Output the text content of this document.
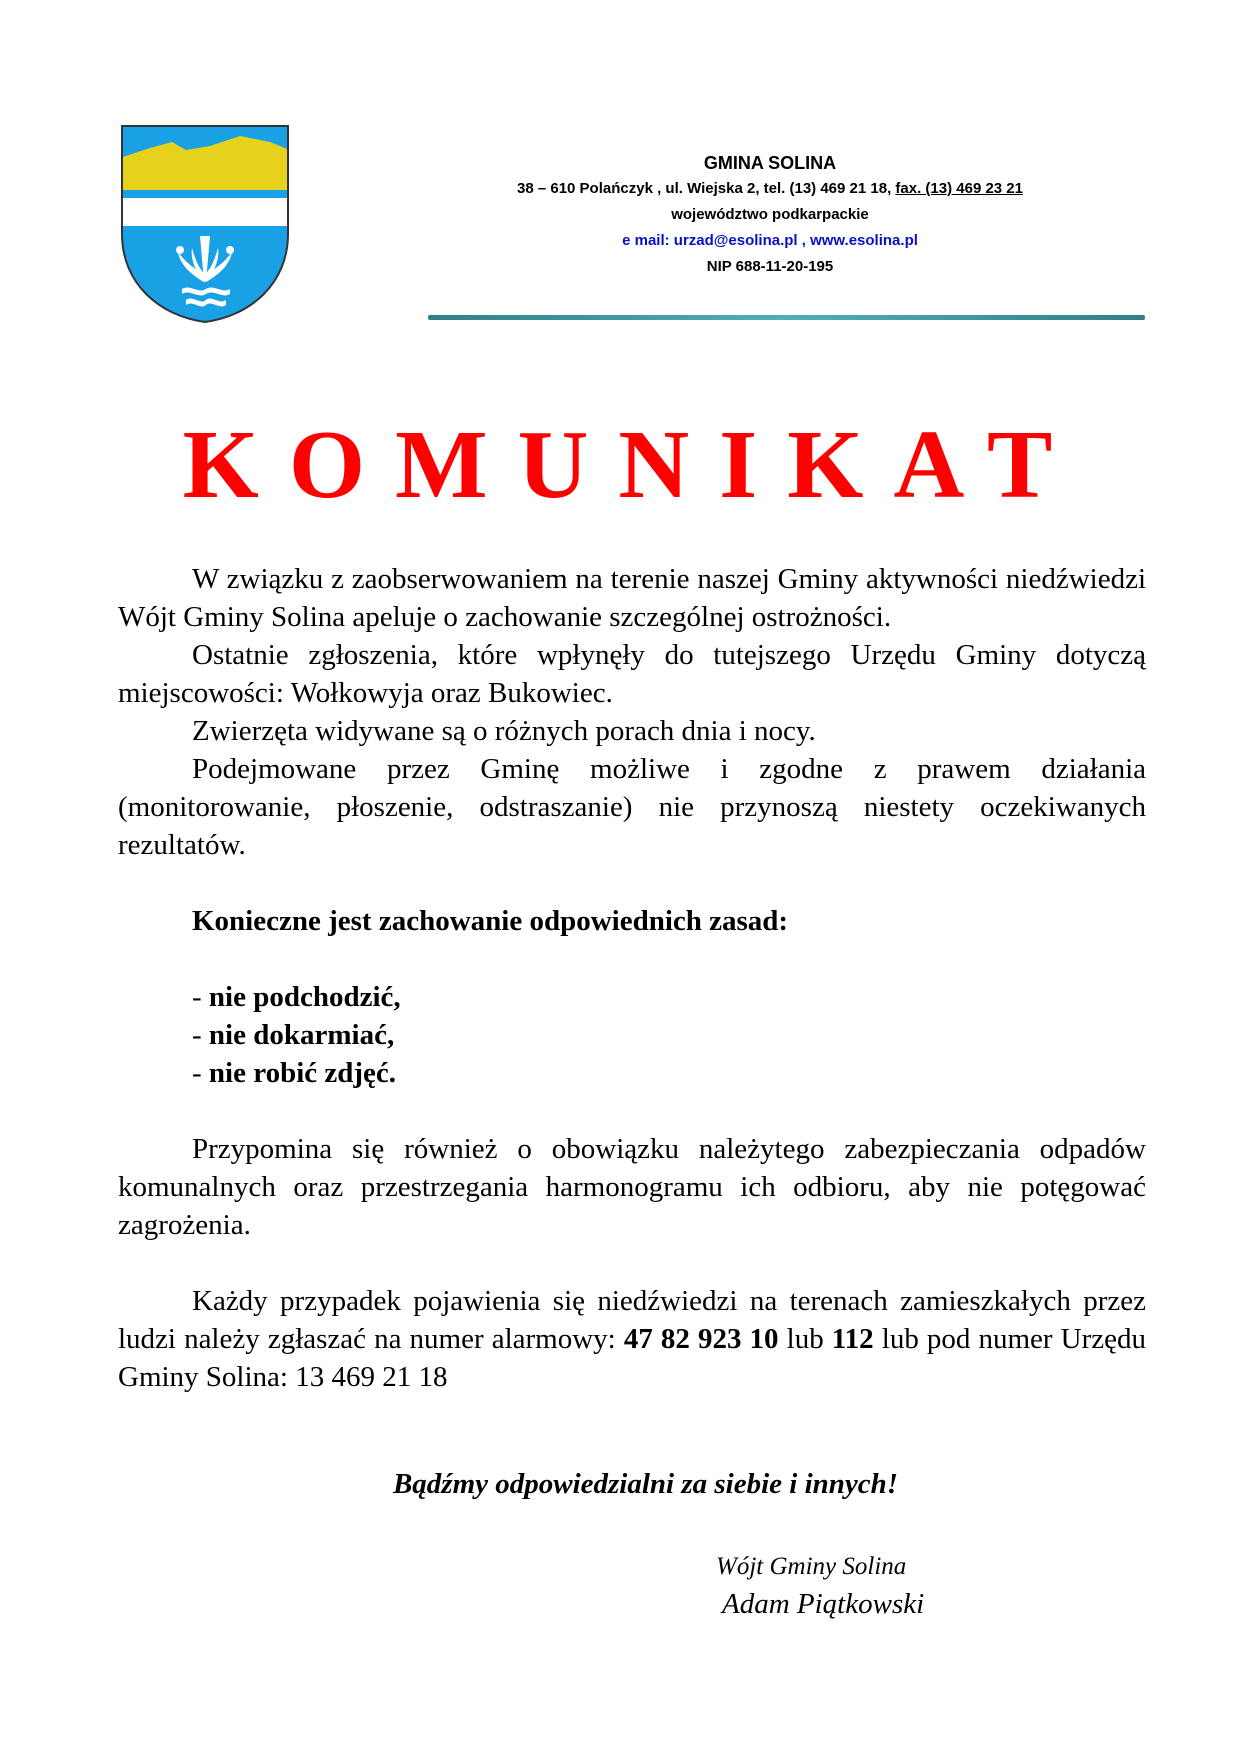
GMINA SOLINA
38 – 610 Polańczyk , ul. Wiejska 2, tel. (13) 469 21 18, fax. (13) 469 23 21
województwo podkarpackie
e mail: urzad@esolina.pl , www.esolina.pl
NIP 688-11-20-195
KOMUNIKAT

W związku z zaobserwowaniem na terenie naszej Gminy aktywności niedźwiedzi Wójt Gminy Solina apeluje o zachowanie szczególnej ostrożności.

Ostatnie zgłoszenia, które wpłynęły do tutejszego Urzędu Gminy dotyczą miejscowości: Wołkowyja oraz Bukowiec.

Zwierzęta widywane są o różnych porach dnia i nocy.

Podejmowane przez Gminę możliwe i zgodne z prawem działania (monitorowanie, płoszenie, odstraszanie) nie przynoszą niestety oczekiwanych rezultatów.

Konieczne jest zachowanie odpowiednich zasad:

- nie podchodzić,
- nie dokarmiać,
- nie robić zdjęć.

Przypomina się również o obowiązku należytego zabezpieczania odpadów komunalnych oraz przestrzegania harmonogramu ich odbioru, aby nie potęgować zagrożenia.

Każdy przypadek pojawienia się niedźwiedzi na terenach zamieszkałych przez ludzi należy zgłaszać na numer alarmowy: 47 82 923 10 lub 112 lub pod numer Urzędu Gminy Solina: 13 469 21 18

Bądźmy odpowiedzialni za siebie i innych!
Wójt Gminy Solina
Adam Piątkowski
